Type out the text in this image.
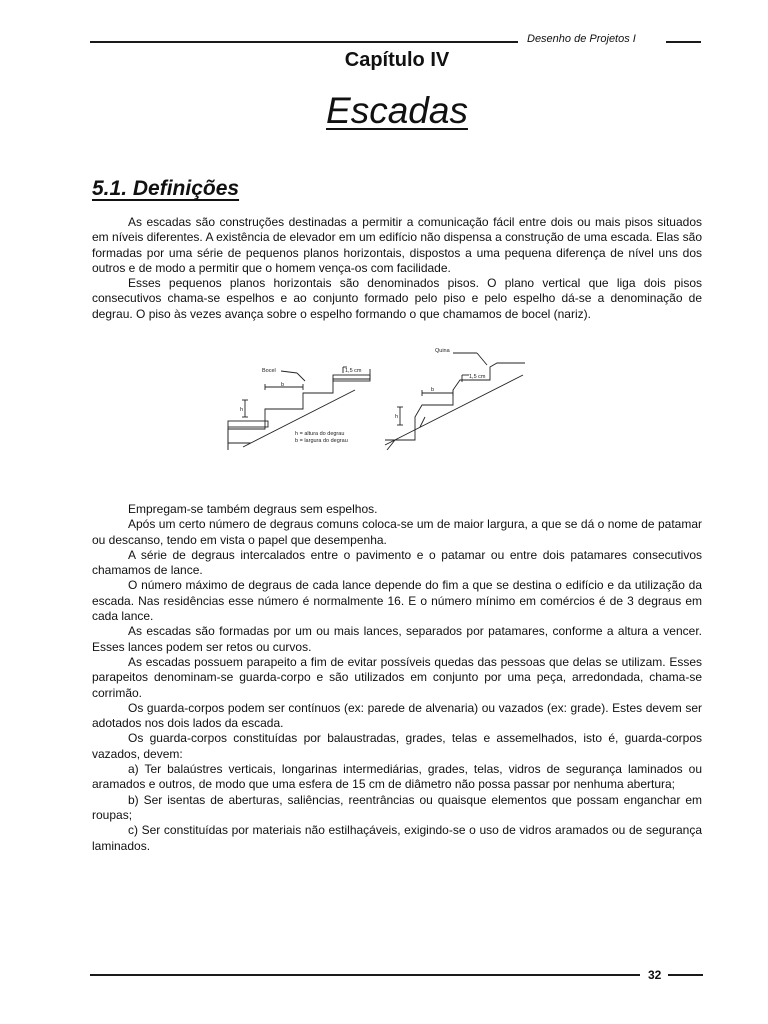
Desenho de Projetos I
Capítulo IV
Escadas
5.1. Definições

As escadas são construções destinadas a permitir a comunicação fácil entre dois ou mais pisos situados em níveis diferentes. A existência de elevador em um edifício não dispensa a construção de uma escada. Elas são formadas por uma série de pequenos planos horizontais, dispostos a uma pequena diferença de nível uns dos outros e de modo a permitir que o homem vença-os com facilidade.

Esses pequenos planos horizontais são denominados pisos. O plano vertical que liga dois pisos consecutivos chama-se espelhos e ao conjunto formado pelo piso e pelo espelho dá-se a denominação de degrau. O piso às vezes avança sobre o espelho formando o que chamamos de bocel (nariz).

Bocel	1,5 cm
b
h
h = altura do degrau
b = largura do degrau
Quina
1,5 cm
b
h

Empregam-se também degraus sem espelhos.

Após um certo número de degraus comuns coloca-se um de maior largura, a que se dá o nome de patamar ou descanso, tendo em vista o papel que desempenha.

A série de degraus intercalados entre o pavimento e o patamar ou entre dois patamares consecutivos chamamos de lance.

O número máximo de degraus de cada lance depende do fim a que se destina o edifício e da utilização da escada. Nas residências esse número é normalmente 16. E o número mínimo em comércios é de 3 degraus em cada lance.

As escadas são formadas por um ou mais lances, separados por patamares, conforme a altura a vencer. Esses lances podem ser retos ou curvos.

As escadas possuem parapeito a fim de evitar possíveis quedas das pessoas que delas se utilizam. Esses parapeitos denominam-se guarda-corpo e são utilizados em conjunto por uma peça, arredondada, chama-se corrimão.

Os guarda-corpos podem ser contínuos (ex: parede de alvenaria) ou vazados (ex: grade). Estes devem ser adotados nos dois lados da escada.

Os guarda-corpos constituídas por balaustradas, grades, telas e assemelhados, isto é, guarda-corpos vazados, devem:

a) Ter balaústres verticais, longarinas intermediárias, grades, telas, vidros de segurança laminados ou aramados e outros, de modo que uma esfera de 15 cm de diâmetro não possa passar por nenhuma abertura;

b) Ser isentas de aberturas, saliências, reentrâncias ou quaisque elementos que possam enganchar em roupas;

c) Ser constituídas por materiais não estilhaçáveis, exigindo-se o uso de vidros aramados ou de segurança laminados.

32
